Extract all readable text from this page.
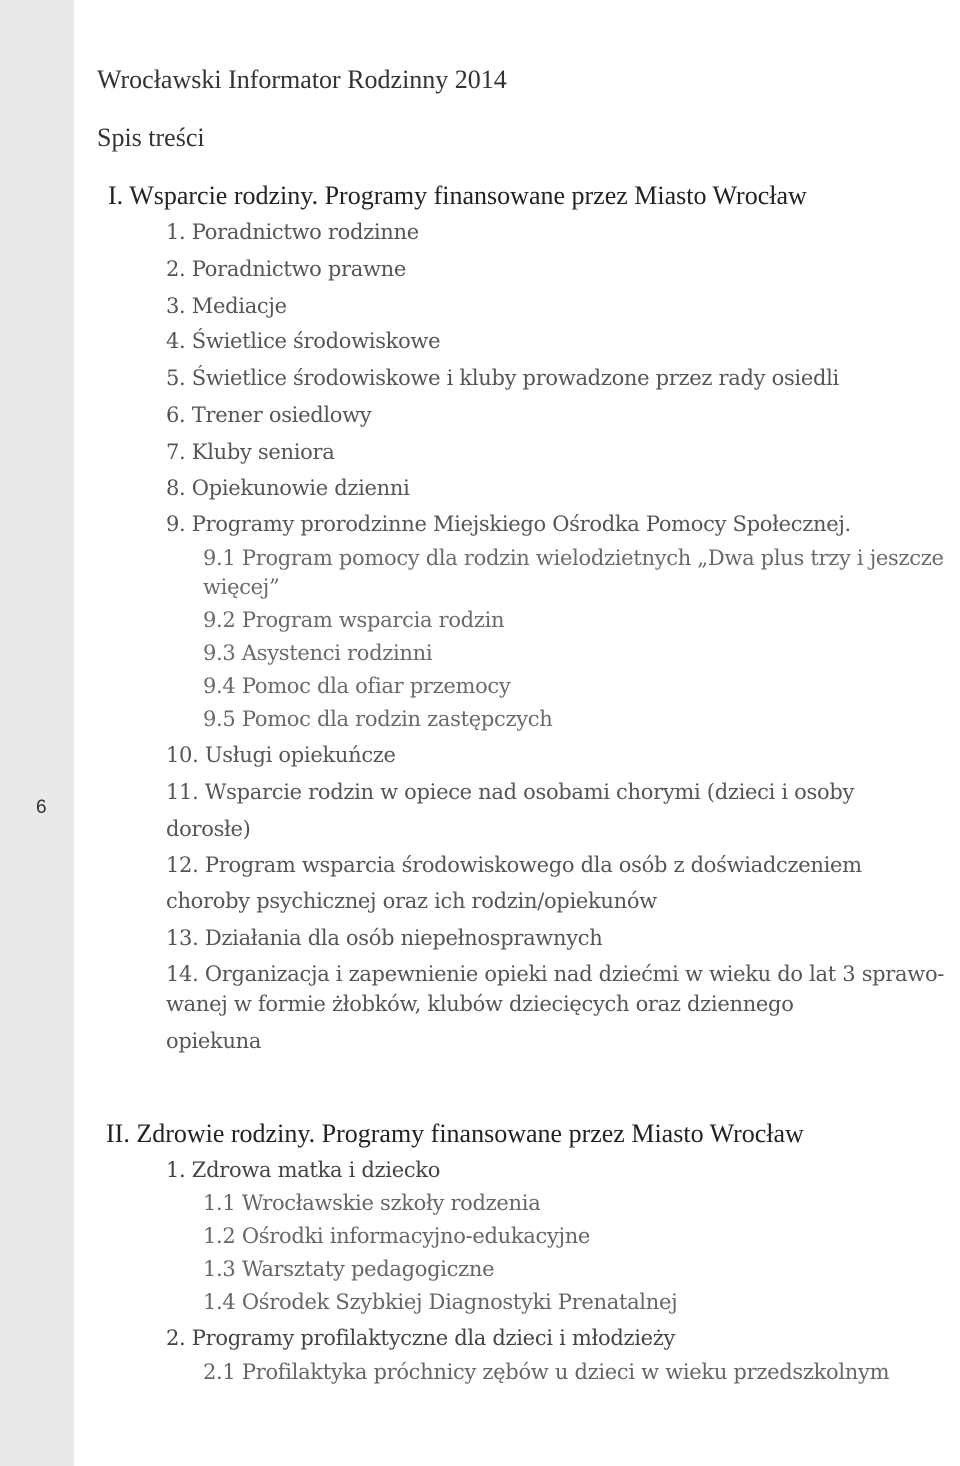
6
Wrocławski Informator Rodzinny 2014
Spis treści
I. Wsparcie rodziny. Programy finansowane przez Miasto Wrocław
1. Poradnictwo rodzinne
2. Poradnictwo prawne
3. Mediacje
4. Świetlice środowiskowe
5. Świetlice środowiskowe i kluby prowadzone przez rady osiedli
6. Trener osiedlowy
7. Kluby seniora
8. Opiekunowie dzienni
9. Programy prorodzinne Miejskiego Ośrodka Pomocy Społecznej.
9.1 Program pomocy dla rodzin wielodzietnych „Dwa plus trzy i jeszcze
więcej”
9.2 Program wsparcia rodzin
9.3 Asystenci rodzinni
9.4 Pomoc dla ofiar przemocy
9.5 Pomoc dla rodzin zastępczych
10. Usługi opiekuńcze
11. Wsparcie rodzin w opiece nad osobami chorymi (dzieci i osoby
dorosłe)
12. Program wsparcia środowiskowego dla osób z doświadczeniem
choroby psychicznej oraz ich rodzin/opiekunów
13. Działania dla osób niepełnosprawnych
14. Organizacja i zapewnienie opieki nad dziećmi w wieku do lat 3 sprawo-
wanej w formie żłobków, klubów dziecięcych oraz dziennego
opiekuna
II. Zdrowie rodziny. Programy finansowane przez Miasto Wrocław
1. Zdrowa matka i dziecko
1.1 Wrocławskie szkoły rodzenia
1.2 Ośrodki informacyjno-edukacyjne
1.3 Warsztaty pedagogiczne
1.4 Ośrodek Szybkiej Diagnostyki Prenatalnej
2. Programy profilaktyczne dla dzieci i młodzieży
2.1 Profilaktyka próchnicy zębów u dzieci w wieku przedszkolnym
